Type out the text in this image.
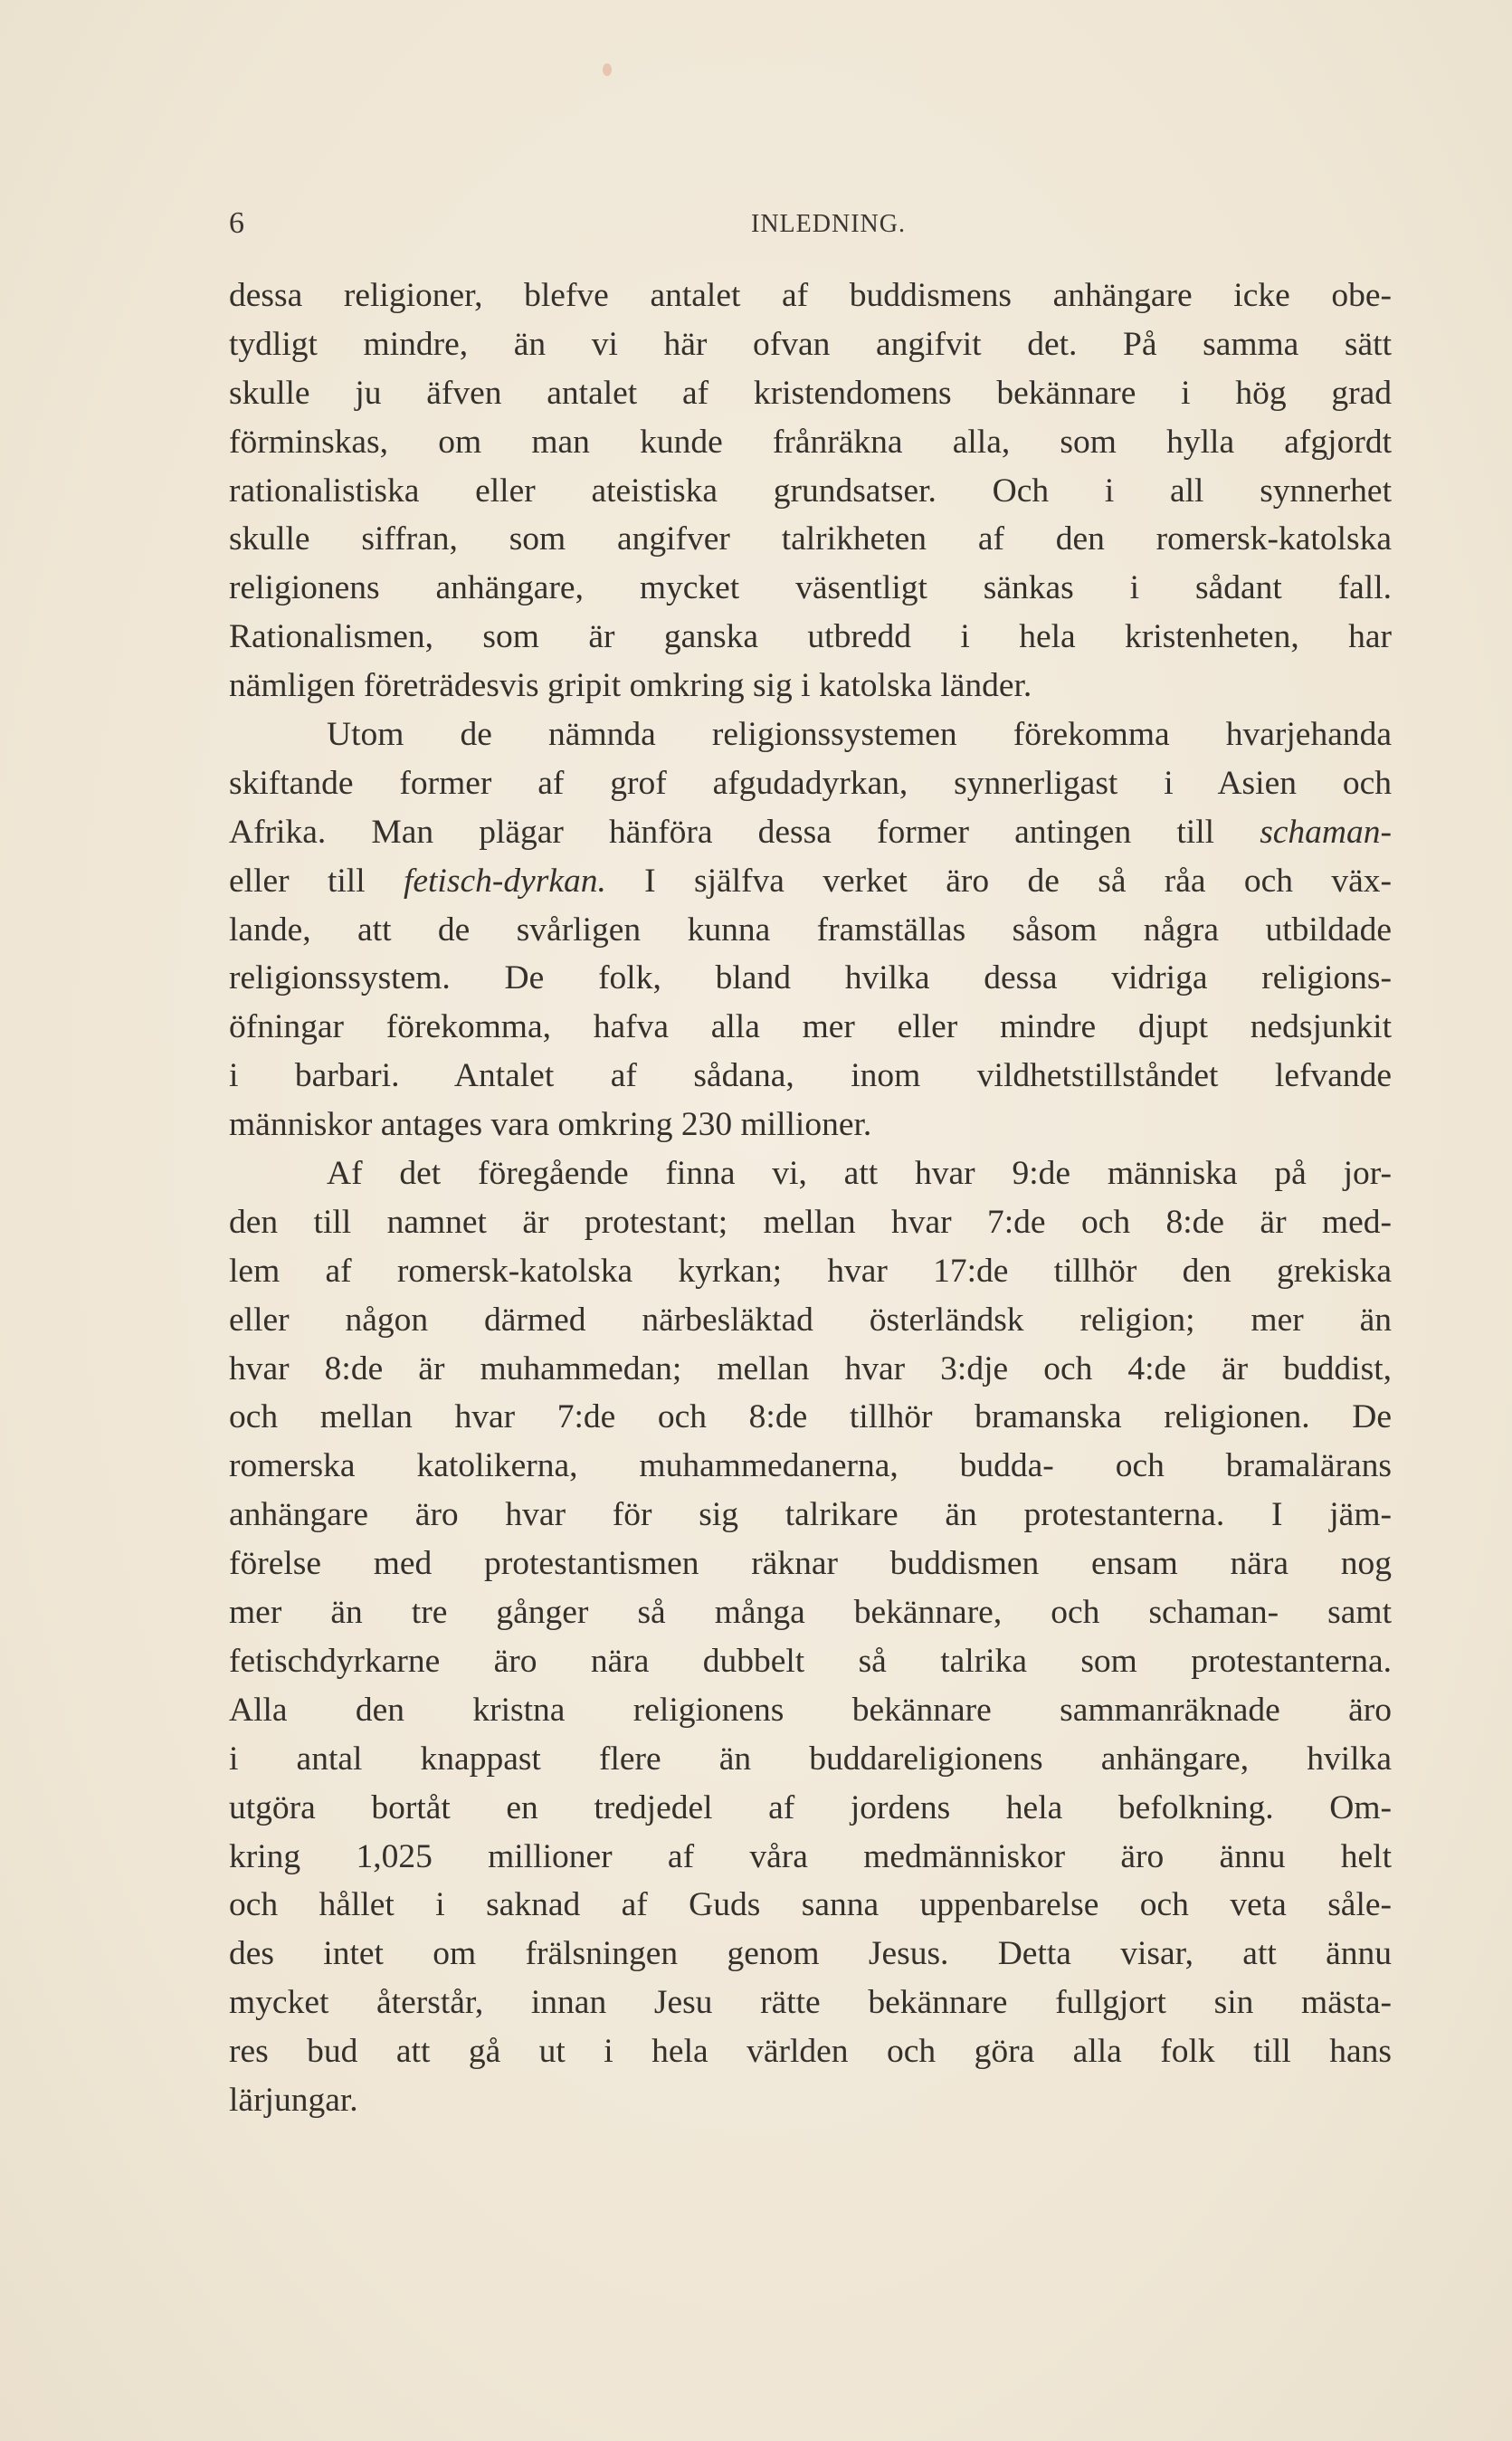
6	INLEDNING.
dessa religioner, blefve antalet af buddismens anhängare icke obe-
tydligt mindre, än vi här ofvan angifvit det. På samma sätt
skulle ju äfven antalet af kristendomens bekännare i hög grad
förminskas, om man kunde frånräkna alla, som hylla afgjordt
rationalistiska eller ateistiska grundsatser. Och i all synnerhet
skulle siffran, som angifver talrikheten af den romersk-katolska
religionens anhängare, mycket väsentligt sänkas i sådant fall.
Rationalismen, som är ganska utbredd i hela kristenheten, har
nämligen företrädesvis gripit omkring sig i katolska länder.
Utom de nämnda religionssystemen förekomma hvarjehanda
skiftande former af grof afgudadyrkan, synnerligast i Asien och
Afrika. Man plägar hänföra dessa former antingen till schaman-
eller till fetisch-dyrkan. I själfva verket äro de så råa och väx-
lande, att de svårligen kunna framställas såsom några utbildade
religionssystem. De folk, bland hvilka dessa vidriga religions-
öfningar förekomma, hafva alla mer eller mindre djupt nedsjunkit
i barbari. Antalet af sådana, inom vildhetstillståndet lefvande
människor antages vara omkring 230 millioner.
Af det föregående finna vi, att hvar 9:de människa på jor-
den till namnet är protestant; mellan hvar 7:de och 8:de är med-
lem af romersk-katolska kyrkan; hvar 17:de tillhör den grekiska
eller någon därmed närbesläktad österländsk religion; mer än
hvar 8:de är muhammedan; mellan hvar 3:dje och 4:de är buddist,
och mellan hvar 7:de och 8:de tillhör bramanska religionen. De
romerska katolikerna, muhammedanerna, budda- och bramalärans
anhängare äro hvar för sig talrikare än protestanterna. I jäm-
förelse med protestantismen räknar buddismen ensam nära nog
mer än tre gånger så många bekännare, och schaman- samt
fetischdyrkarne äro nära dubbelt så talrika som protestanterna.
Alla den kristna religionens bekännare sammanräknade äro
i antal knappast flere än buddareligionens anhängare, hvilka
utgöra bortåt en tredjedel af jordens hela befolkning. Om-
kring 1,025 millioner af våra medmänniskor äro ännu helt
och hållet i saknad af Guds sanna uppenbarelse och veta såle-
des intet om frälsningen genom Jesus. Detta visar, att ännu
mycket återstår, innan Jesu rätte bekännare fullgjort sin mästa-
res bud att gå ut i hela världen och göra alla folk till hans
lärjungar.
